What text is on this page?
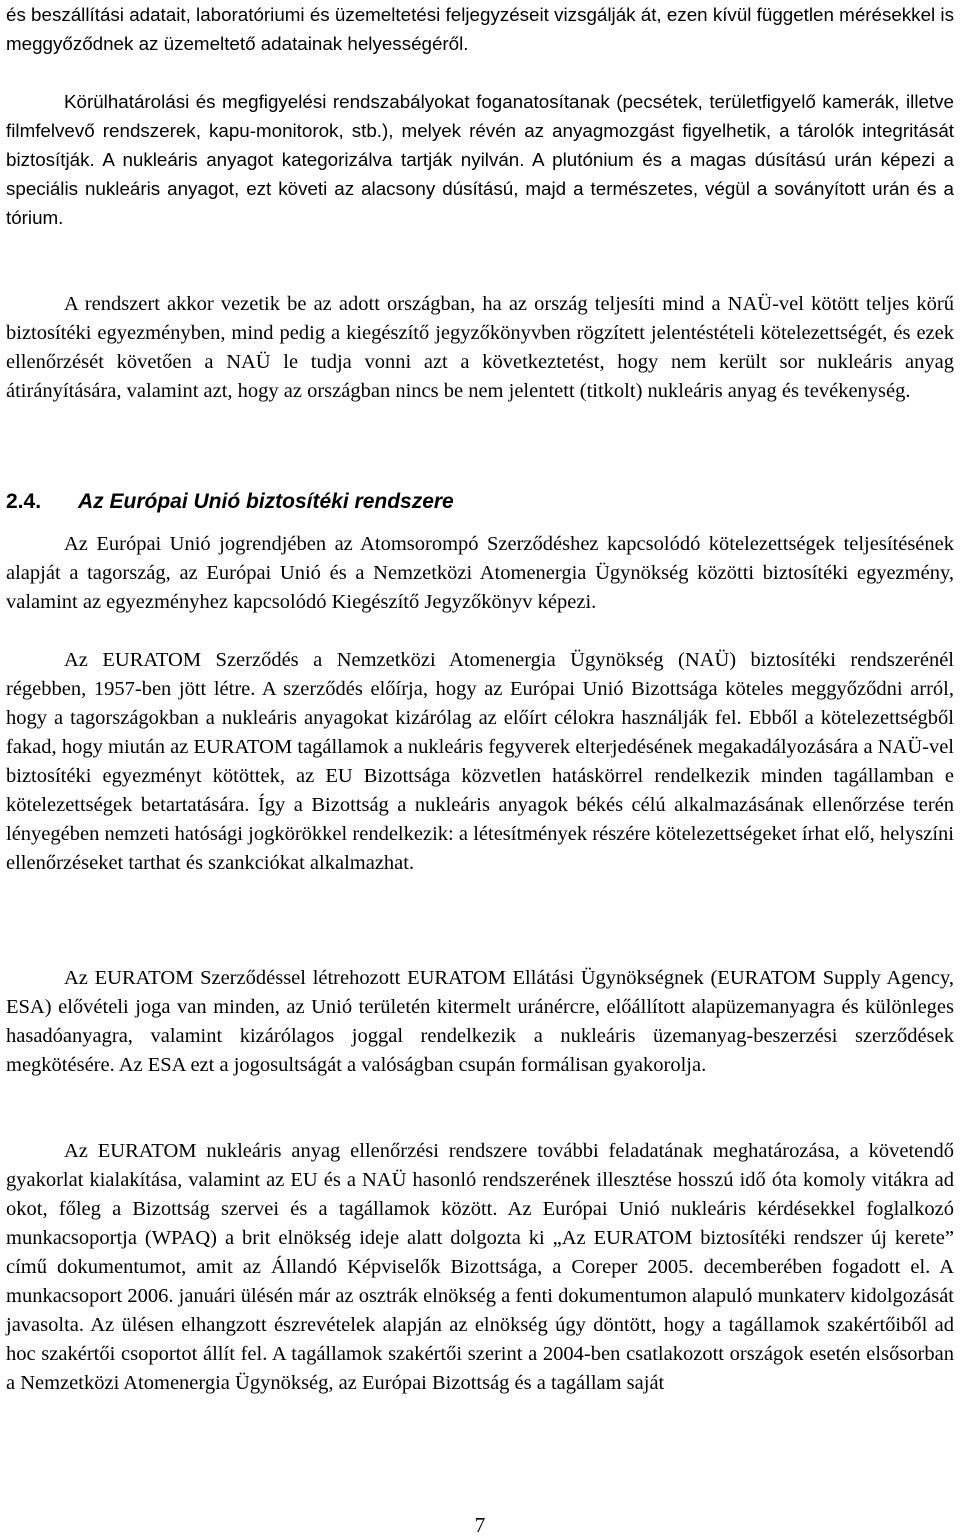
és beszállítási adatait, laboratóriumi és üzemeltetési feljegyzéseit vizsgálják át, ezen kívül független mérésekkel is meggyőződnek az üzemeltető adatainak helyességéről.

Körülhatárolási és megfigyelési rendszabályokat foganatosítanak (pecsétek, területfigyelő kamerák, illetve filmfelvevő rendszerek, kapu-monitorok, stb.), melyek révén az anyagmozgást figyelhetik, a tárolók integritását biztosítják. A nukleáris anyagot kategorizálva tartják nyilván. A plutónium és a magas dúsítású urán képezi a speciális nukleáris anyagot, ezt követi az alacsony dúsítású, majd a természetes, végül a soványított urán és a tórium.

A rendszert akkor vezetik be az adott országban, ha az ország teljesíti mind a NAÜ-vel kötött teljes körű biztosítéki egyezményben, mind pedig a kiegészítő jegyzőkönyvben rögzített jelentéstételi kötelezettségét, és ezek ellenőrzését követően a NAÜ le tudja vonni azt a következtetést, hogy nem került sor nukleáris anyag átirányítására, valamint azt, hogy az országban nincs be nem jelentett (titkolt) nukleáris anyag és tevékenység.

2.4. Az Európai Unió biztosítéki rendszere

Az Európai Unió jogrendjében az Atomsorompó Szerződéshez kapcsolódó kötelezettségek teljesítésének alapját a tagország, az Európai Unió és a Nemzetközi Atomenergia Ügynökség közötti biztosítéki egyezmény, valamint az egyezményhez kapcsolódó Kiegészítő Jegyzőkönyv képezi.

Az EURATOM Szerződés a Nemzetközi Atomenergia Ügynökség (NAÜ) biztosítéki rendszerénél régebben, 1957-ben jött létre. A szerződés előírja, hogy az Európai Unió Bizottsága köteles meggyőződni arról, hogy a tagországokban a nukleáris anyagokat kizárólag az előírt célokra használják fel. Ebből a kötelezettségből fakad, hogy miután az EURATOM tagállamok a nukleáris fegyverek elterjedésének megakadályozására a NAÜ-vel biztosítéki egyezményt kötöttek, az EU Bizottsága közvetlen hatáskörrel rendelkezik minden tagállamban e kötelezettségek betartatására. Így a Bizottság a nukleáris anyagok békés célú alkalmazásának ellenőrzése terén lényegében nemzeti hatósági jogkörökkel rendelkezik: a létesítmények részére kötelezettségeket írhat elő, helyszíni ellenőrzéseket tarthat és szankciókat alkalmazhat.

Az EURATOM Szerződéssel létrehozott EURATOM Ellátási Ügynökségnek (EURATOM Supply Agency, ESA) elővételi joga van minden, az Unió területén kitermelt uránércre, előállított alapüzemanyagra és különleges hasadóanyagra, valamint kizárólagos joggal rendelkezik a nukleáris üzemanyag-beszerzési szerződések megkötésére. Az ESA ezt a jogosultságát a valóságban csupán formálisan gyakorolja.

Az EURATOM nukleáris anyag ellenőrzési rendszere további feladatának meghatározása, a követendő gyakorlat kialakítása, valamint az EU és a NAÜ hasonló rendszerének illesztése hosszú idő óta komoly vitákra ad okot, főleg a Bizottság szervei és a tagállamok között. Az Európai Unió nukleáris kérdésekkel foglalkozó munkacsoportja (WPAQ) a brit elnökség ideje alatt dolgozta ki „Az EURATOM biztosítéki rendszer új kerete” című dokumentumot, amit az Állandó Képviselők Bizottsága, a Coreper 2005. decemberében fogadott el. A munkacsoport 2006. januári ülésén már az osztrák elnökség a fenti dokumentumon alapuló munkaterv kidolgozását javasolta. Az ülésen elhangzott észrevételek alapján az elnökség úgy döntött, hogy a tagállamok szakértőiből ad hoc szakértői csoportot állít fel. A tagállamok szakértői szerint a 2004-ben csatlakozott országok esetén elsősorban a Nemzetközi Atomenergia Ügynökség, az Európai Bizottság és a tagállam saját

7
